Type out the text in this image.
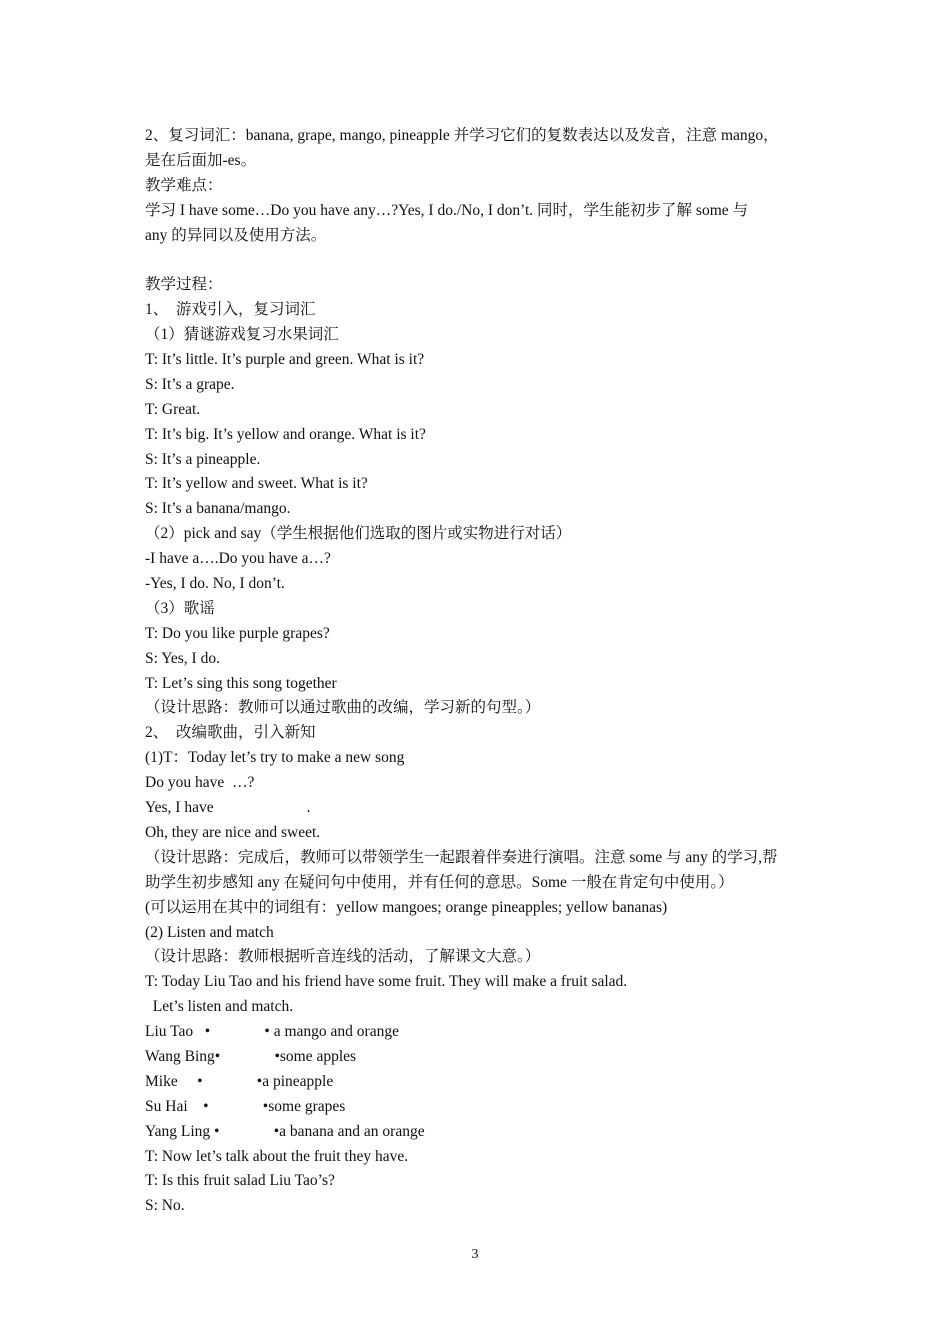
2、复习词汇：banana, grape, mango, pineapple 并学习它们的复数表达以及发音，注意 mango，
是在后面加-es。
教学难点：
学习 I have some…Do you have any…?Yes, I do./No, I don’t. 同时，学生能初步了解 some 与
any 的异同以及使用方法。
教学过程：
1、  游戏引入，复习词汇
（1）猜谜游戏复习水果词汇
T: It’s little. It’s purple and green. What is it?
S: It’s a grape.
T: Great.
T: It’s big. It’s yellow and orange. What is it?
S: It’s a pineapple.
T: It’s yellow and sweet. What is it?
S: It’s a banana/mango.
（2）pick and say（学生根据他们选取的图片或实物进行对话）
-I have a….Do you have a…?
-Yes, I do. No, I don’t.
（3）歌谣
T: Do you like purple grapes?
S: Yes, I do.
T: Let’s sing this song together
（设计思路：教师可以通过歌曲的改编，学习新的句型。）
2、  改编歌曲，引入新知
(1)T：Today let’s try to make a new song
Do you have  …?
Yes, I have                        .
Oh, they are nice and sweet.
（设计思路：完成后，教师可以带领学生一起跟着伴奏进行演唱。注意 some 与 any 的学习,帮
助学生初步感知 any 在疑问句中使用，并有任何的意思。Some 一般在肯定句中使用。）
(可以运用在其中的词组有：yellow mangoes; orange pineapples; yellow bananas)
(2) Listen and match
（设计思路：教师根据听音连线的活动，了解课文大意。）
T: Today Liu Tao and his friend have some fruit. They will make a fruit salad.
Let’s listen and match.
Liu Tao   •              • a mango and orange
Wang Bing•              •some apples
Mike     •              •a pineapple
Su Hai    •              •some grapes
Yang Ling •              •a banana and an orange
T: Now let’s talk about the fruit they have.
T: Is this fruit salad Liu Tao’s?
S: No.
3
